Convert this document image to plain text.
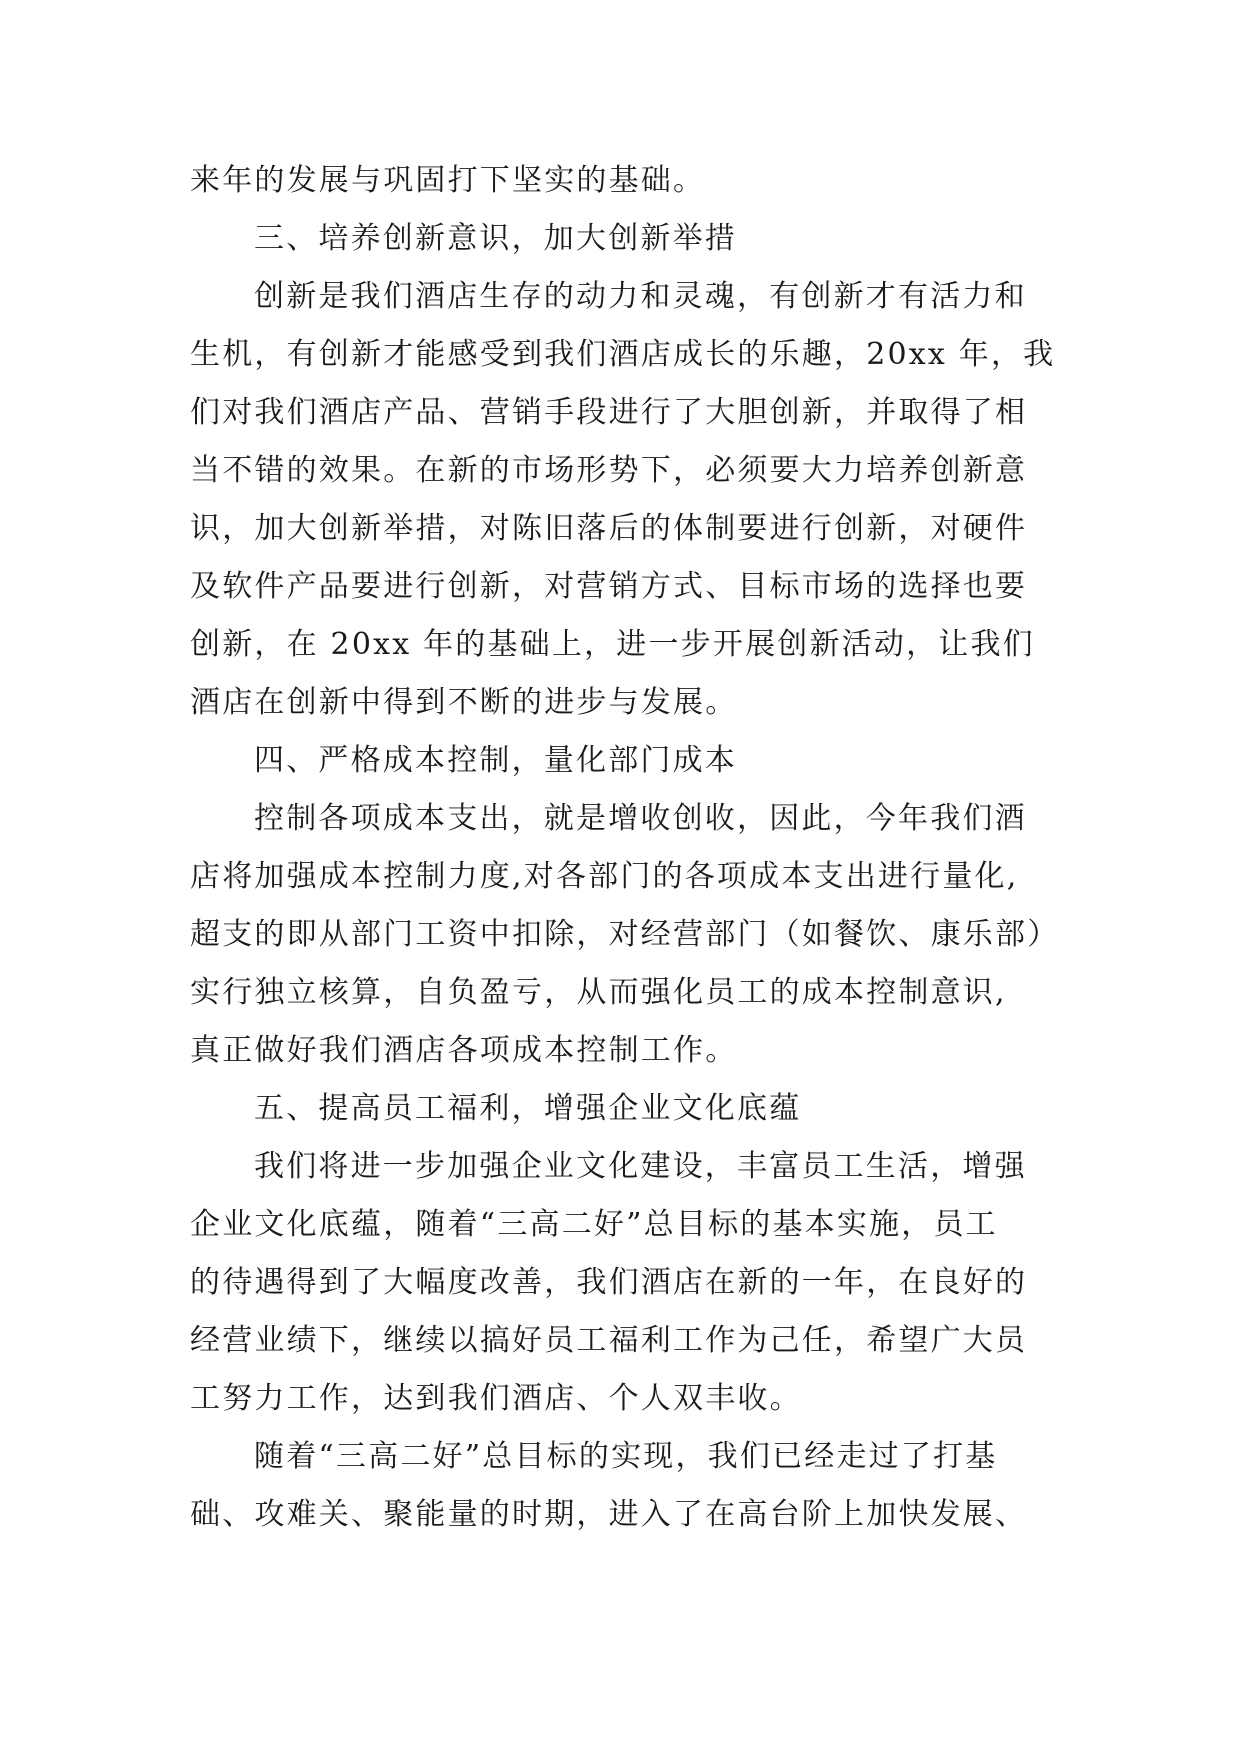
来年的发展与巩固打下坚实的基础。
三、培养创新意识，加大创新举措
创新是我们酒店生存的动力和灵魂，有创新才有活力和
生机，有创新才能感受到我们酒店成长的乐趣，20xx 年，我
们对我们酒店产品、营销手段进行了大胆创新，并取得了相
当不错的效果。在新的市场形势下，必须要大力培养创新意
识，加大创新举措，对陈旧落后的体制要进行创新，对硬件
及软件产品要进行创新，对营销方式、目标市场的选择也要
创新，在 20xx 年的基础上，进一步开展创新活动，让我们
酒店在创新中得到不断的进步与发展。
四、严格成本控制，量化部门成本
控制各项成本支出，就是增收创收，因此，今年我们酒
店将加强成本控制力度,对各部门的各项成本支出进行量化,
超支的即从部门工资中扣除，对经营部门（如餐饮、康乐部）
实行独立核算，自负盈亏，从而强化员工的成本控制意识,
真正做好我们酒店各项成本控制工作。
五、提高员工福利，增强企业文化底蕴
我们将进一步加强企业文化建设，丰富员工生活，增强
企业文化底蕴，随着“三高二好”总目标的基本实施，员工
的待遇得到了大幅度改善，我们酒店在新的一年，在良好的
经营业绩下，继续以搞好员工福利工作为己任，希望广大员
工努力工作，达到我们酒店、个人双丰收。
随着“三高二好”总目标的实现，我们已经走过了打基
础、攻难关、聚能量的时期，进入了在高台阶上加快发展、
